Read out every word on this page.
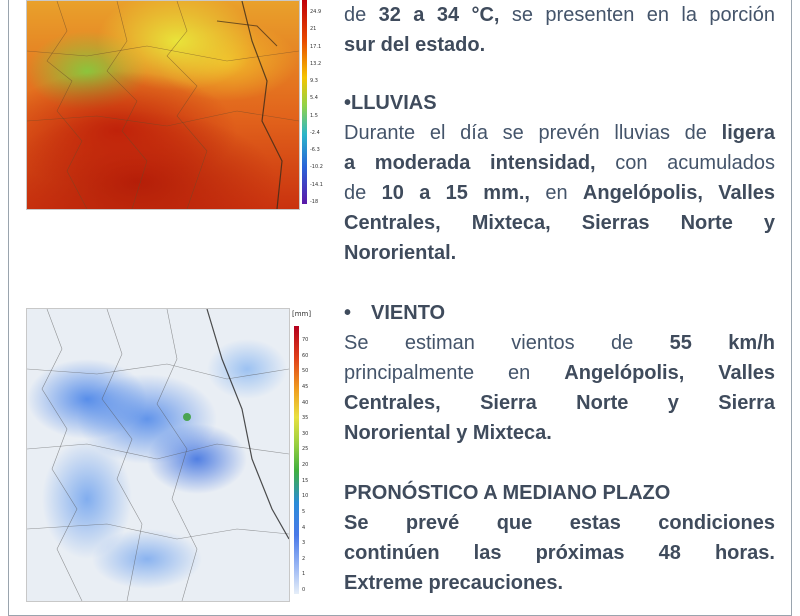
24.9
21
17.1
13.2
9.3
5.4
1.5
-2.4
-6.3
-10.2
-14.1
-18
[mm]
70
60
50
45
40
35
30
25
20
15
10
5
4
3
2
1
0
de 32 a 34 °C, se presenten en la porción
sur del estado.
•LLUVIAS
Durante el día se prevén lluvias de ligera
a moderada intensidad, con acumulados
de 10 a 15 mm., en Angelópolis, Valles
Centrales, Mixteca, Sierras Norte y
Nororiental.
• VIENTO
Se estiman vientos de 55 km/h
principalmente en Angelópolis, Valles
Centrales, Sierra Norte y Sierra
Nororiental y Mixteca.
PRONÓSTICO A MEDIANO PLAZO
Se prevé que estas condiciones
continúen las próximas 48 horas.
Extreme precauciones.
